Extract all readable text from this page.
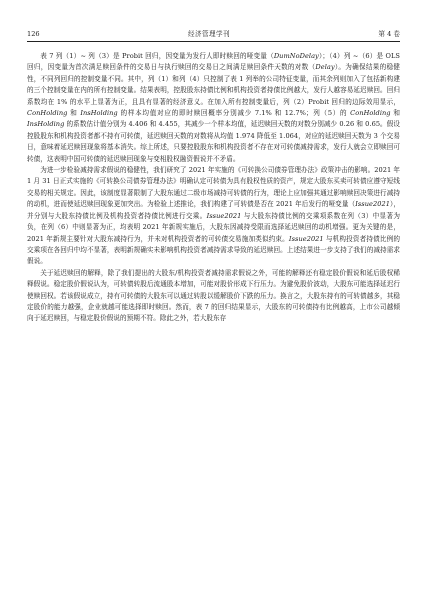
126	经济管理学刊	第 4 卷

表 7 列（1）~ 列（3）是 Probit 回归，因变量为发行人即时赎回的哑变量（DumNoDelay）；（4）列 ~（6）是 OLS 回归，因变量为首次满足赎回条件的交易日与执行赎回的交易日之间满足赎回条件天数的对数（Delay）。为确保结果的稳健性，不同列回归的控制变量不同。其中，列（1）和列（4）只控制了表 1 列举的公司特征变量，而其余列则加入了包括新构建的三个控制变量在内的所有控制变量。结果表明，控股股东持债比例和机构投资者持债比例越大，发行人越容易延迟赎回。回归系数均在 1% 的水平上显著为正，且具有显著的经济意义。在加入所有控制变量后，列（2）Probit 回归的边际效用显示，ConHolding 和 InsHolding 的样本均值对应的即时赎回概率分别减少 7.1% 和 12.7%；列（5）的 ConHolding 和 InsHolding 的系数估计值分别为 4.406 和 4.455，其减少一个样本均值，延迟赎回天数的对数分别减少 0.26 和 0.65。假设控股股东和机构投资者都不持有可转债，延迟赎回天数的对数将从均值 1.974 降低至 1.064，对应的延迟赎回天数为 3 个交易日，意味着延迟赎回现象将基本消失。综上所述，只要控股股东和机构投资者不存在对可转债减持需求，发行人就会立即赎回可转债，这表明中国可转债的延迟赎回现象与变相股权融资假说并不矛盾。

为进一步检验减持需求假说的稳健性，我们研究了 2021 年实施的《可转换公司债券管理办法》政策冲击的影响。2021 年 1 月 31 日正式实施的《可转换公司债券管理办法》明确认定可转债为具有股权性质的资产，规定大股东买卖可转债应遵守短线交易的相关规定。因此，该制度显著限制了大股东通过二级市场减持可转债的行为，理论上应加强其通过影响赎回决策进行减持的动机，进而使延迟赎回现象更加突出。为检验上述推论，我们构建了可转债是否在 2021 年后发行的哑变量（Issue2021），并分别与大股东持债比例及机构投资者持债比例进行交乘。Issue2021 与大股东持债比例的交乘项系数在列（3）中显著为负，在列（6）中则显著为正，均表明 2021 年新规实施后，大股东因减持受限而选择延迟赎回的动机增强。更为关键的是，2021 年新规主要针对大股东减持行为，并未对机构投资者的可转债交易施加类似约束。Issue2021 与机构投资者持债比例的交乘项在各回归中均不显著，表明新规确实未影响机构投资者减持需求导致的延迟赎回。上述结果进一步支持了我们的减持需求假说。

关于延迟赎回的解释，除了我们提出的大股东/机构投资者减持需求假说之外，可能的解释还有稳定股价假说和延后股权稀释假说。稳定股价假说认为，可转债转股后流通股本增加，可能对股价形成下行压力。为避免股价波动，大股东可能选择延迟行使赎回权。若该假说成立，持有可转债的大股东可以通过转股以缓解股价下跌的压力。换言之，大股东持有的可转债越多，其稳定股价的能力越强，企业就越可能选择即时赎回。然而，表 7 的回归结果显示，大股东的可转债持有比例越高，上市公司越倾向于延迟赎回，与稳定股价假说的预期不符。除此之外，若大股东存
